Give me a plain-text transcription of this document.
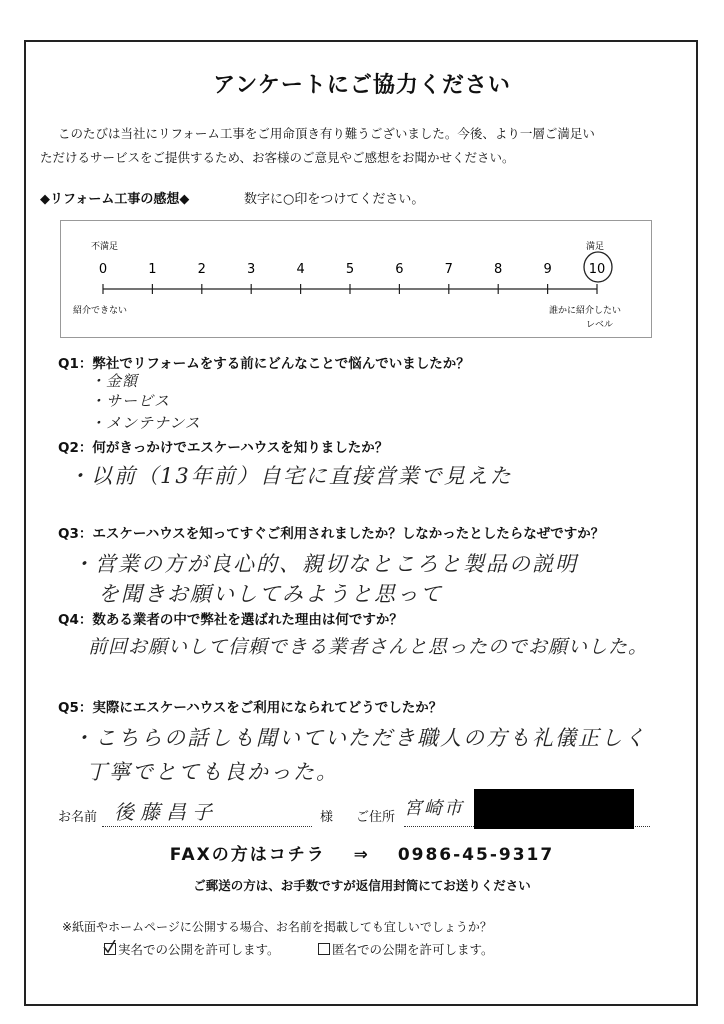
アンケートにご協力ください

このたびは当社にリフォーム工事をご用命頂き有り難うございました。今後、より一層ご満足い

ただけるサービスをご提供するため、お客様のご意見やご感想をお聞かせください。

◆リフォーム工事の感想◆	数字に○印をつけてください。
不満足
紹介できない
満足
誰かに紹介したい
レベル
0	1	2	3	4	5	6	7	8	9	10
Q1：弊社でリフォームをする前にどんなことで悩んでいましたか？
・金額
・サービス
・メンテナンス
Q2：何がきっかけでエスケーハウスを知りましたか？
・以前（13年前）自宅に直接営業で見えた
Q3：エスケーハウスを知ってすぐご利用されましたか？しなかったとしたらなぜですか？
・営業の方が良心的、親切なところと製品の説明
を聞きお願いしてみようと思って
Q4：数ある業者の中で弊社を選ばれた理由は何ですか？
前回お願いして信頼できる業者さんと思ったのでお願いした。
Q5：実際にエスケーハウスをご利用になられてどうでしたか？
・こちらの話しも聞いていただき職人の方も礼儀正しく
丁寧でとても良かった。
お名前 後藤昌子	様 ご住所 宮崎市
FAXの方はコチラ ⇒ 0986-45-9317
ご郵送の方は、お手数ですが返信用封筒にてお送りください
※紙面やホームページに公開する場合、お名前を掲載しても宜しいでしょうか？
実名での公開を許可します。	匿名での公開を許可します。
